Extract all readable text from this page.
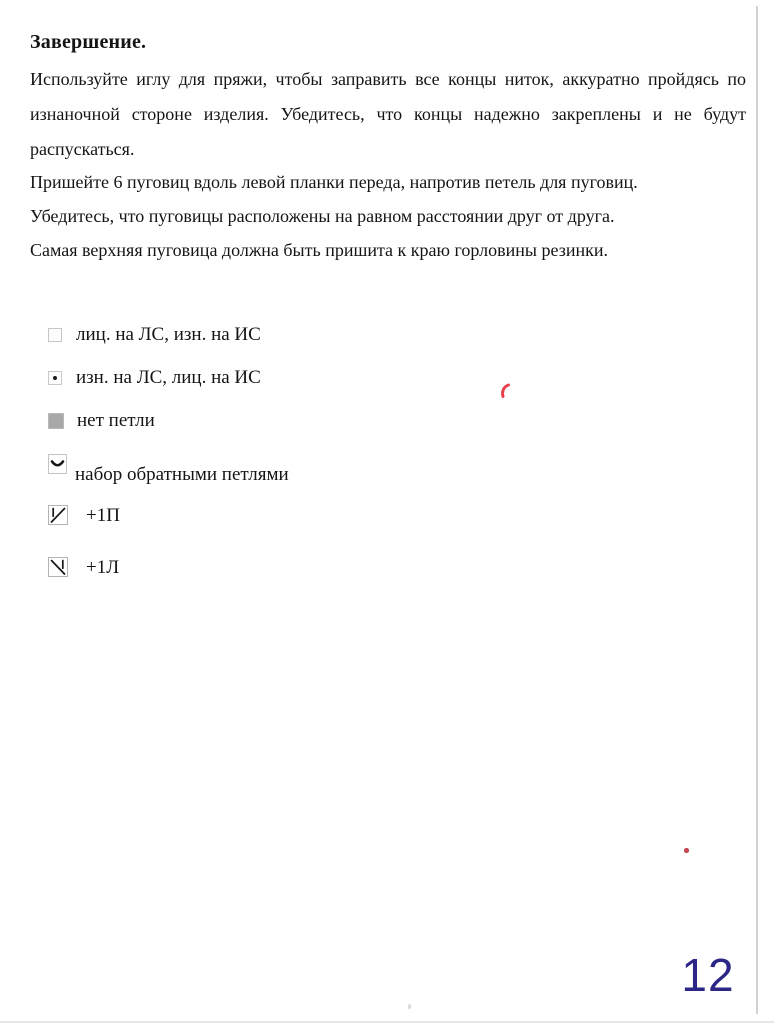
Завершение.
Используйте иглу для пряжи, чтобы заправить все концы ниток, аккуратно пройдясь по
изнаночной стороне изделия. Убедитесь, что концы надежно закреплены и не будут
распускаться.
Пришейте 6 пуговиц вдоль левой планки переда, напротив петель для пуговиц.
Убедитесь, что пуговицы расположены на равном расстоянии друг от друга.
Самая верхняя пуговица должна быть пришита к краю горловины резинки.
лиц. на ЛС, изн. на ИС
изн. на ЛС, лиц. на ИС
нет петли
набор обратными петлями
+1П
+1Л
12
